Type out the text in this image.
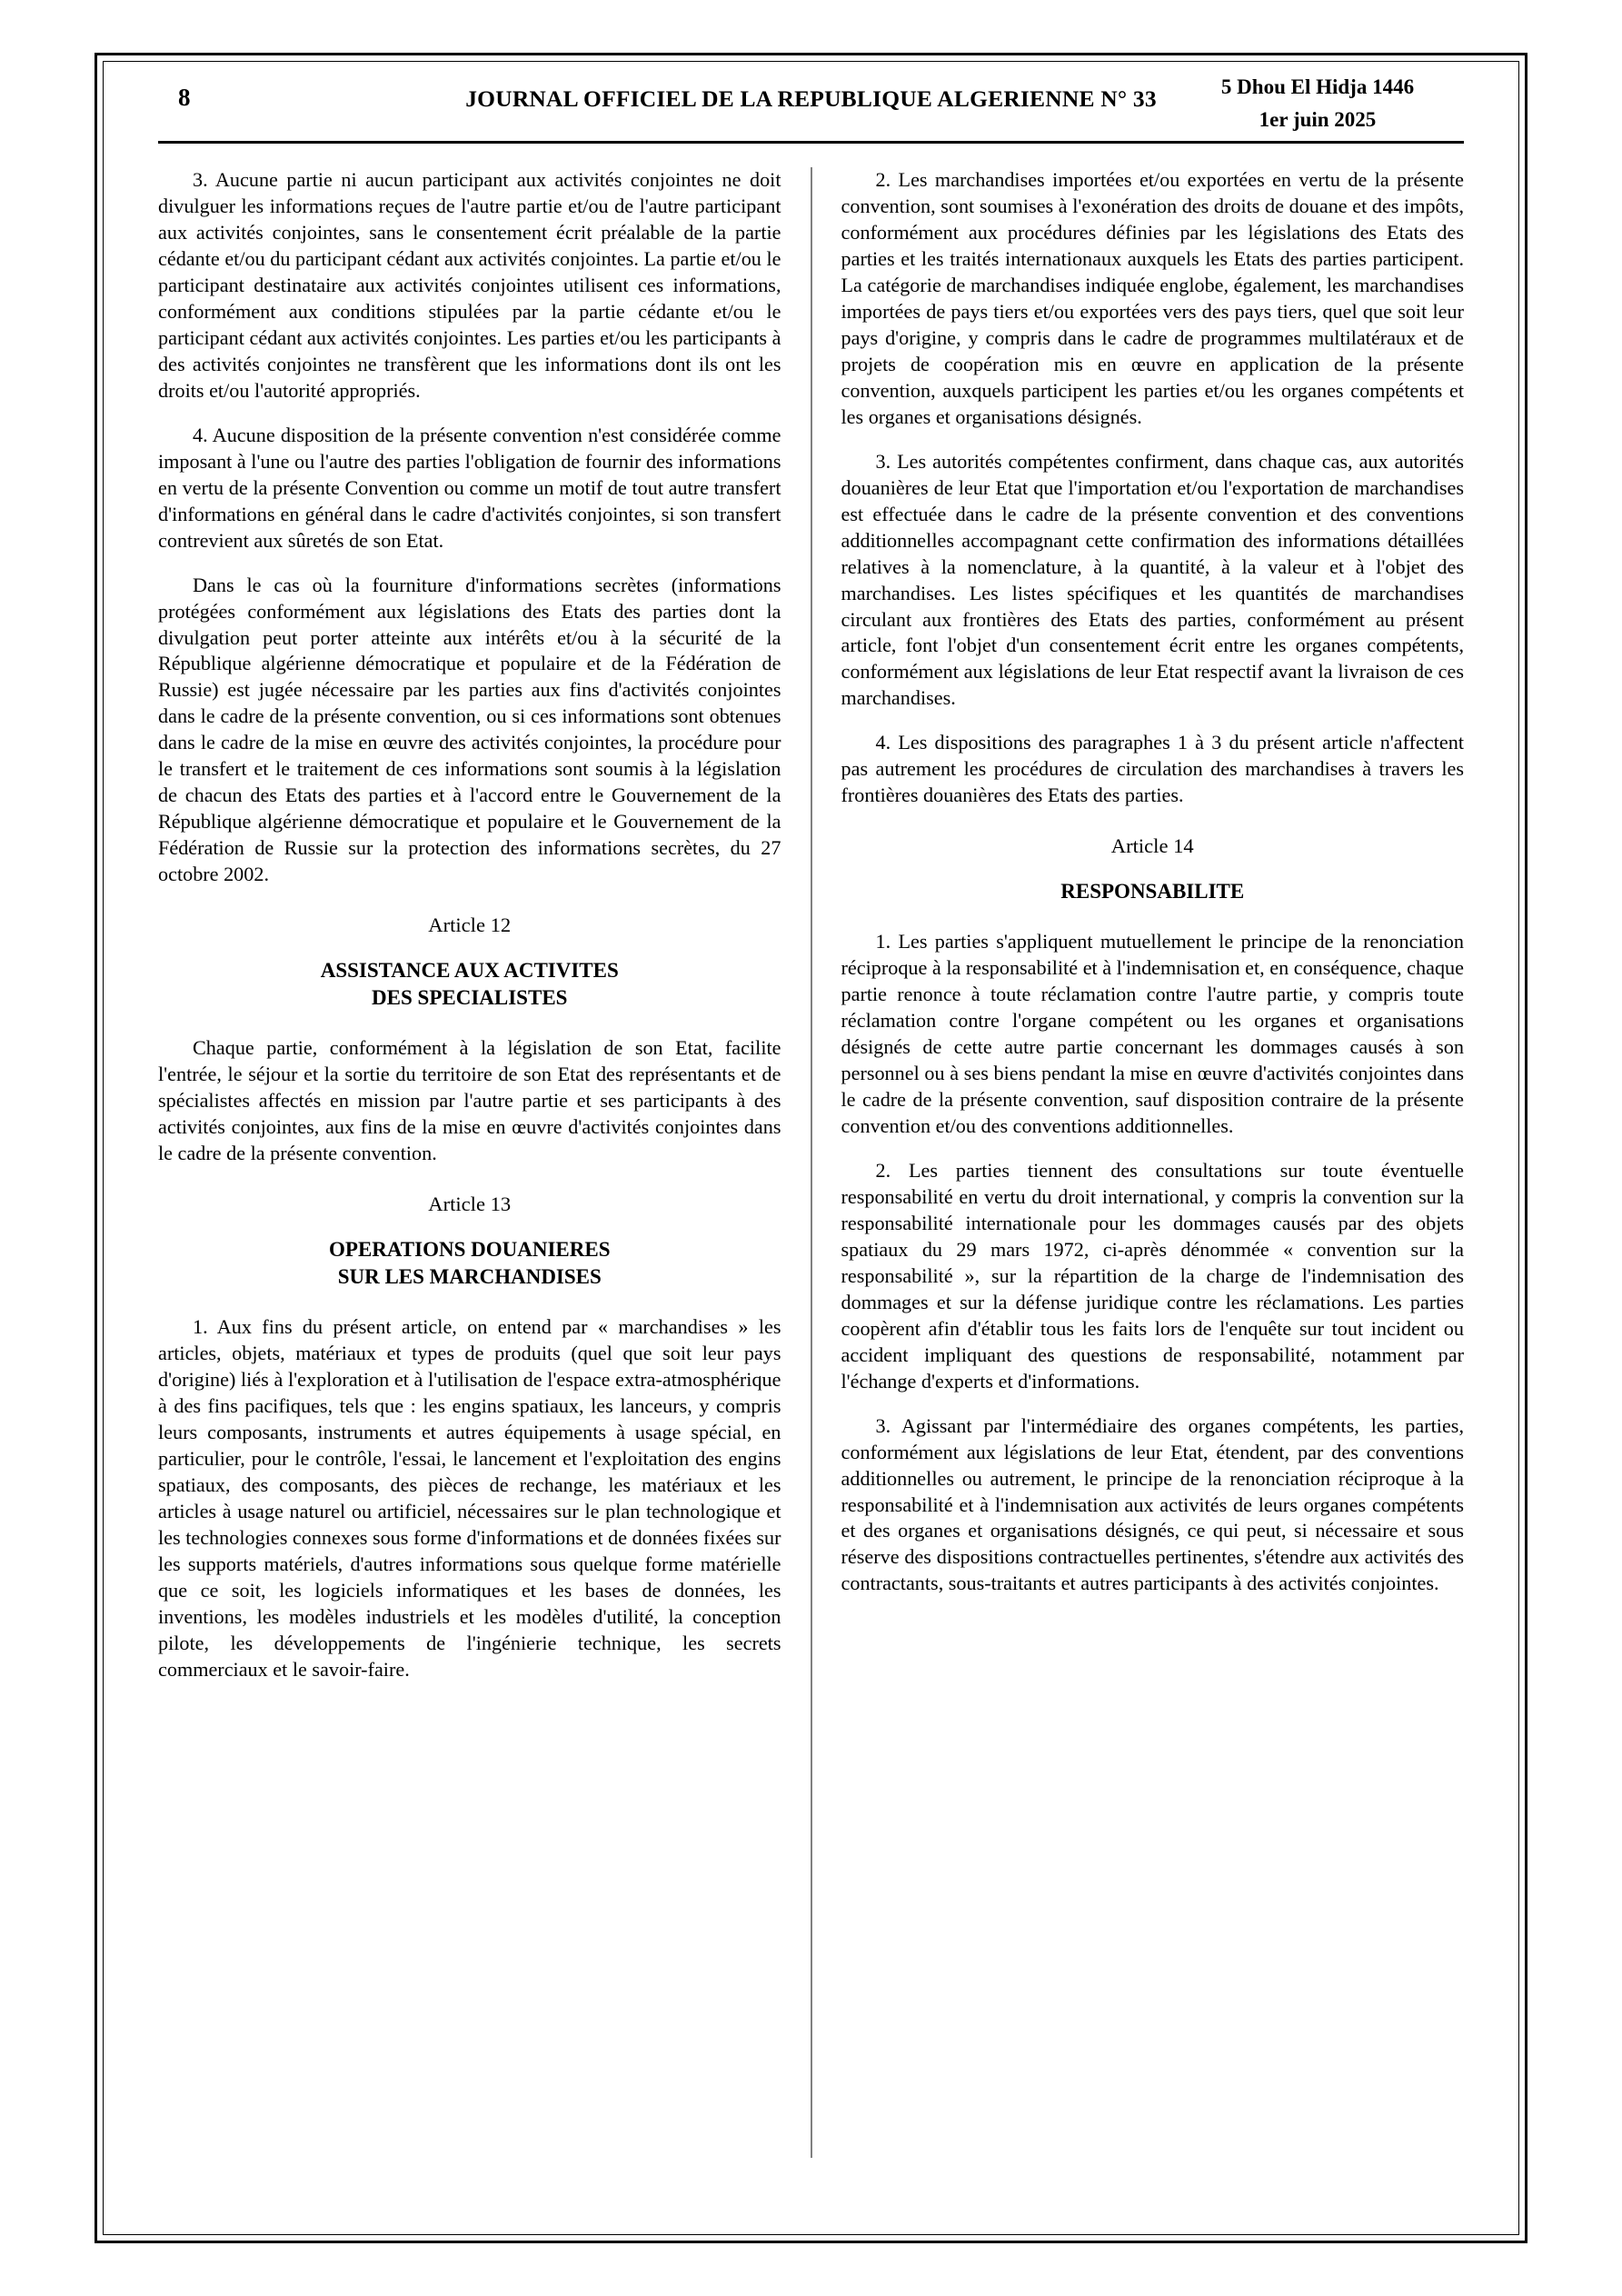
8	JOURNAL OFFICIEL DE LA REPUBLIQUE ALGERIENNE N° 33	5 Dhou El Hidja 1446
1er juin 2025

3. Aucune partie ni aucun participant aux activités conjointes ne doit divulguer les informations reçues de l'autre partie et/ou de l'autre participant aux activités conjointes, sans le consentement écrit préalable de la partie cédante et/ou du participant cédant aux activités conjointes. La partie et/ou le participant destinataire aux activités conjointes utilisent ces informations, conformément aux conditions stipulées par la partie cédante et/ou le participant cédant aux activités conjointes. Les parties et/ou les participants à des activités conjointes ne transfèrent que les informations dont ils ont les droits et/ou l'autorité appropriés.

4. Aucune disposition de la présente convention n'est considérée comme imposant à l'une ou l'autre des parties l'obligation de fournir des informations en vertu de la présente Convention ou comme un motif de tout autre transfert d'informations en général dans le cadre d'activités conjointes, si son transfert contrevient aux sûretés de son Etat.

Dans le cas où la fourniture d'informations secrètes (informations protégées conformément aux législations des Etats des parties dont la divulgation peut porter atteinte aux intérêts et/ou à la sécurité de la République algérienne démocratique et populaire et de la Fédération de Russie) est jugée nécessaire par les parties aux fins d'activités conjointes dans le cadre de la présente convention, ou si ces informations sont obtenues dans le cadre de la mise en œuvre des activités conjointes, la procédure pour le transfert et le traitement de ces informations sont soumis à la législation de chacun des Etats des parties et à l'accord entre le Gouvernement de la République algérienne démocratique et populaire et le Gouvernement de la Fédération de Russie sur la protection des informations secrètes, du 27 octobre 2002.

Article 12
ASSISTANCE AUX ACTIVITES
DES SPECIALISTES

Chaque partie, conformément à la législation de son Etat, facilite l'entrée, le séjour et la sortie du territoire de son Etat des représentants et de spécialistes affectés en mission par l'autre partie et ses participants à des activités conjointes, aux fins de la mise en œuvre d'activités conjointes dans le cadre de la présente convention.

Article 13
OPERATIONS DOUANIERES
SUR LES MARCHANDISES

1. Aux fins du présent article, on entend par « marchandises » les articles, objets, matériaux et types de produits (quel que soit leur pays d'origine) liés à l'exploration et à l'utilisation de l'espace extra-atmosphérique à des fins pacifiques, tels que : les engins spatiaux, les lanceurs, y compris leurs composants, instruments et autres équipements à usage spécial, en particulier, pour le contrôle, l'essai, le lancement et l'exploitation des engins spatiaux, des composants, des pièces de rechange, les matériaux et les articles à usage naturel ou artificiel, nécessaires sur le plan technologique et les technologies connexes sous forme d'informations et de données fixées sur les supports matériels, d'autres informations sous quelque forme matérielle que ce soit, les logiciels informatiques et les bases de données, les inventions, les modèles industriels et les modèles d'utilité, la conception pilote, les développements de l'ingénierie technique, les secrets commerciaux et le savoir-faire.

2. Les marchandises importées et/ou exportées en vertu de la présente convention, sont soumises à l'exonération des droits de douane et des impôts, conformément aux procédures définies par les législations des Etats des parties et les traités internationaux auxquels les Etats des parties participent. La catégorie de marchandises indiquée englobe, également, les marchandises importées de pays tiers et/ou exportées vers des pays tiers, quel que soit leur pays d'origine, y compris dans le cadre de programmes multilatéraux et de projets de coopération mis en œuvre en application de la présente convention, auxquels participent les parties et/ou les organes compétents et les organes et organisations désignés.

3. Les autorités compétentes confirment, dans chaque cas, aux autorités douanières de leur Etat que l'importation et/ou l'exportation de marchandises est effectuée dans le cadre de la présente convention et des conventions additionnelles accompagnant cette confirmation des informations détaillées relatives à la nomenclature, à la quantité, à la valeur et à l'objet des marchandises. Les listes spécifiques et les quantités de marchandises circulant aux frontières des Etats des parties, conformément au présent article, font l'objet d'un consentement écrit entre les organes compétents, conformément aux législations de leur Etat respectif avant la livraison de ces marchandises.

4. Les dispositions des paragraphes 1 à 3 du présent article n'affectent pas autrement les procédures de circulation des marchandises à travers les frontières douanières des Etats des parties.

Article 14
RESPONSABILITE

1. Les parties s'appliquent mutuellement le principe de la renonciation réciproque à la responsabilité et à l'indemnisation et, en conséquence, chaque partie renonce à toute réclamation contre l'autre partie, y compris toute réclamation contre l'organe compétent ou les organes et organisations désignés de cette autre partie concernant les dommages causés à son personnel ou à ses biens pendant la mise en œuvre d'activités conjointes dans le cadre de la présente convention, sauf disposition contraire de la présente convention et/ou des conventions additionnelles.

2. Les parties tiennent des consultations sur toute éventuelle responsabilité en vertu du droit international, y compris la convention sur la responsabilité internationale pour les dommages causés par des objets spatiaux du 29 mars 1972, ci-après dénommée « convention sur la responsabilité », sur la répartition de la charge de l'indemnisation des dommages et sur la défense juridique contre les réclamations. Les parties coopèrent afin d'établir tous les faits lors de l'enquête sur tout incident ou accident impliquant des questions de responsabilité, notamment par l'échange d'experts et d'informations.

3. Agissant par l'intermédiaire des organes compétents, les parties, conformément aux législations de leur Etat, étendent, par des conventions additionnelles ou autrement, le principe de la renonciation réciproque à la responsabilité et à l'indemnisation aux activités de leurs organes compétents et des organes et organisations désignés, ce qui peut, si nécessaire et sous réserve des dispositions contractuelles pertinentes, s'étendre aux activités des contractants, sous-traitants et autres participants à des activités conjointes.
